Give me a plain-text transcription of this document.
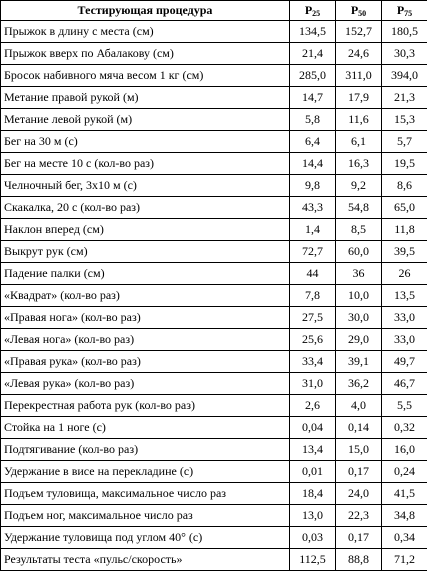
Тестирующая процедура	$P_{25}$	$P_{50}$	$P_{75}$
Прыжок в длину с места (см)	134,5	152,7	180,5
Прыжок вверх по Абалакову (см)	21,4	24,6	30,3
Бросок набивного мяча весом 1 кг (см)	285,0	311,0	394,0
Метание правой рукой (м)	14,7	17,9	21,3
Метание левой рукой (м)	5,8	11,6	15,3
Бег на 30 м (с)	6,4	6,1	5,7
Бег на месте 10 с (кол-во раз)	14,4	16,3	19,5
Челночный бег, 3х10 м (с)	9,8	9,2	8,6
Скакалка, 20 с (кол-во раз)	43,3	54,8	65,0
Наклон вперед (см)	1,4	8,5	11,8
Выкрут рук (см)	72,7	60,0	39,5
Падение палки (см)	44	36	26
«Квадрат» (кол-во раз)	7,8	10,0	13,5
«Правая нога» (кол-во раз)	27,5	30,0	33,0
«Левая нога» (кол-во раз)	25,6	29,0	33,0
«Правая рука» (кол-во раз)	33,4	39,1	49,7
«Левая рука» (кол-во раз)	31,0	36,2	46,7
Перекрестная работа рук (кол-во раз)	2,6	4,0	5,5
Стойка на 1 ноге (с)	0,04	0,14	0,32
Подтягивание (кол-во раз)	13,4	15,0	16,0
Удержание в висе на перекладине (с)	0,01	0,17	0,24
Подъем туловища, максимальное число раз	18,4	24,0	41,5
Подъем ног, максимальное число раз	13,0	22,3	34,8
Удержание туловища под углом 40° (с)	0,03	0,17	0,34
Результаты теста «пульс/скорость»	112,5	88,8	71,2
